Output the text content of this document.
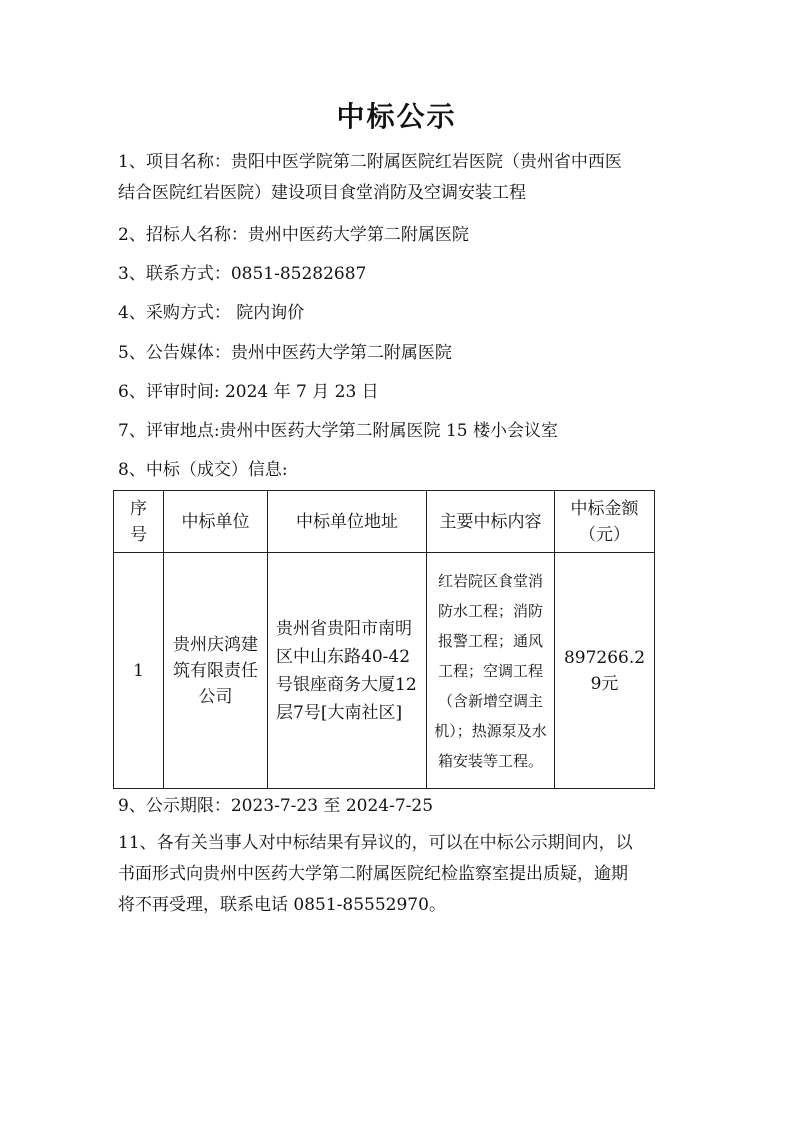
中标公示
1、项目名称：贵阳中医学院第二附属医院红岩医院（贵州省中西医
结合医院红岩医院）建设项目食堂消防及空调安装工程

2、招标人名称：贵州中医药大学第二附属医院

3、联系方式：0851-85282687

4、采购方式： 院内询价

5、公告媒体：贵州中医药大学第二附属医院

6、评审时间: 2024 年 7 月 23 日

7、评审地点:贵州中医药大学第二附属医院 15 楼小会议室

8、中标（成交）信息:

序号	中标单位	中标单位地址	主要中标内容	中标金额（元）

1	贵州庆鸿建筑有限责任公司	贵州省贵阳市南明区中山东路40-42号银座商务大厦12层7号[大南社区]	红岩院区食堂消防水工程；消防报警工程；通风工程；空调工程（含新增空调主机）；热源泵及水箱安装等工程。	897266.29元

9、公示期限：2023-7-23 至 2024-7-25

11、各有关当事人对中标结果有异议的，可以在中标公示期间内，以
书面形式向贵州中医药大学第二附属医院纪检监察室提出质疑，逾期
将不再受理，联系电话 0851-85552970。
